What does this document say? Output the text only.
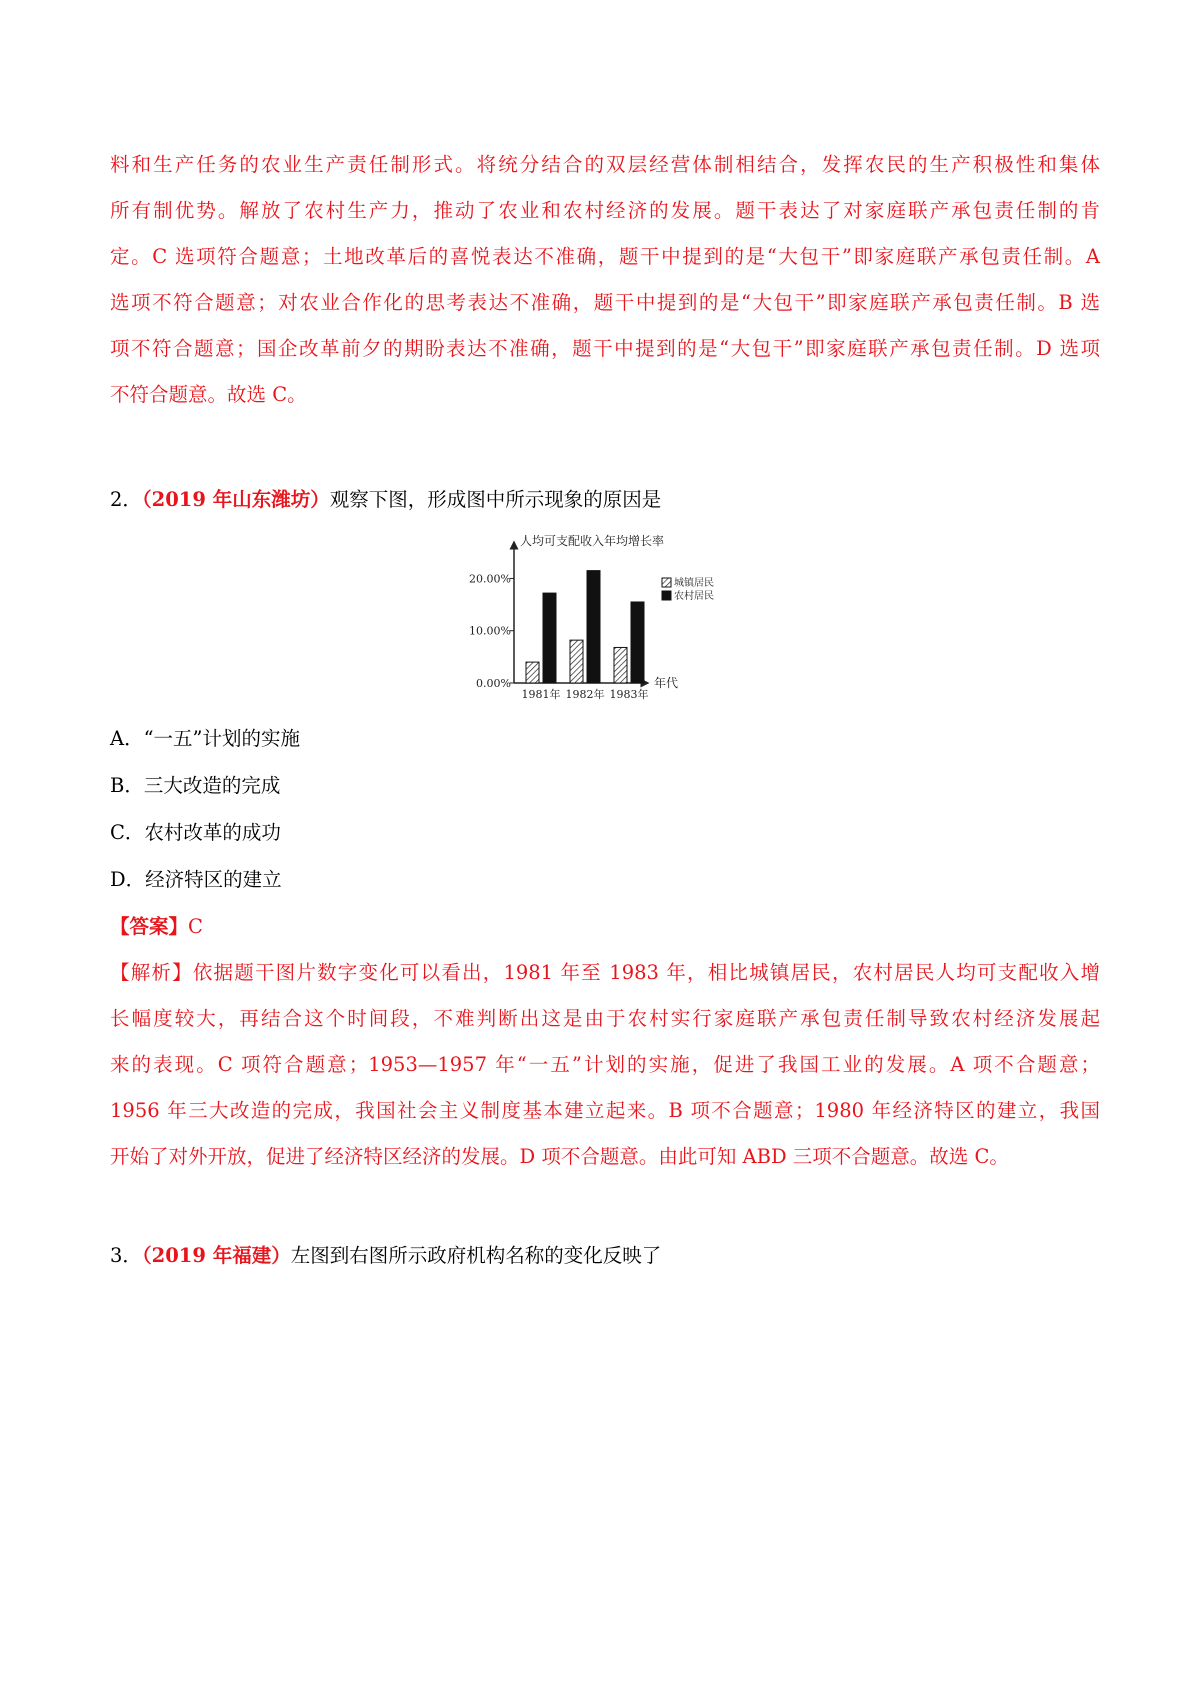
料和生产任务的农业生产责任制形式。将统分结合的双层经营体制相结合，发挥农民的生产积极性和集体

所有制优势。解放了农村生产力，推动了农业和农村经济的发展。题干表达了对家庭联产承包责任制的肯

定。C 选项符合题意；土地改革后的喜悦表达不准确，题干中提到的是“大包干”即家庭联产承包责任制。A

选项不符合题意；对农业合作化的思考表达不准确，题干中提到的是“大包干”即家庭联产承包责任制。B 选

项不符合题意；国企改革前夕的期盼表达不准确，题干中提到的是“大包干”即家庭联产承包责任制。D 选项

不符合题意。故选 C。

2．（2019 年山东潍坊）观察下图，形成图中所示现象的原因是
人均可支配收入年均增长率
年代
0.00%
10.00%
20.00%
1981年 1982年 1983年
城镇居民
农村居民
A．“一五”计划的实施
B．三大改造的完成
C．农村改革的成功
D．经济特区的建立
【答案】C

【解析】依据题干图片数字变化可以看出，1981 年至 1983 年，相比城镇居民，农村居民人均可支配收入增

长幅度较大，再结合这个时间段，不难判断出这是由于农村实行家庭联产承包责任制导致农村经济发展起

来的表现。C 项符合题意；1953—1957 年“一五”计划的实施，促进了我国工业的发展。A 项不合题意；

1956 年三大改造的完成，我国社会主义制度基本建立起来。B 项不合题意；1980 年经济特区的建立，我国

开始了对外开放，促进了经济特区经济的发展。D 项不合题意。由此可知 ABD 三项不合题意。故选 C。

3．（2019 年福建）左图到右图所示政府机构名称的变化反映了
